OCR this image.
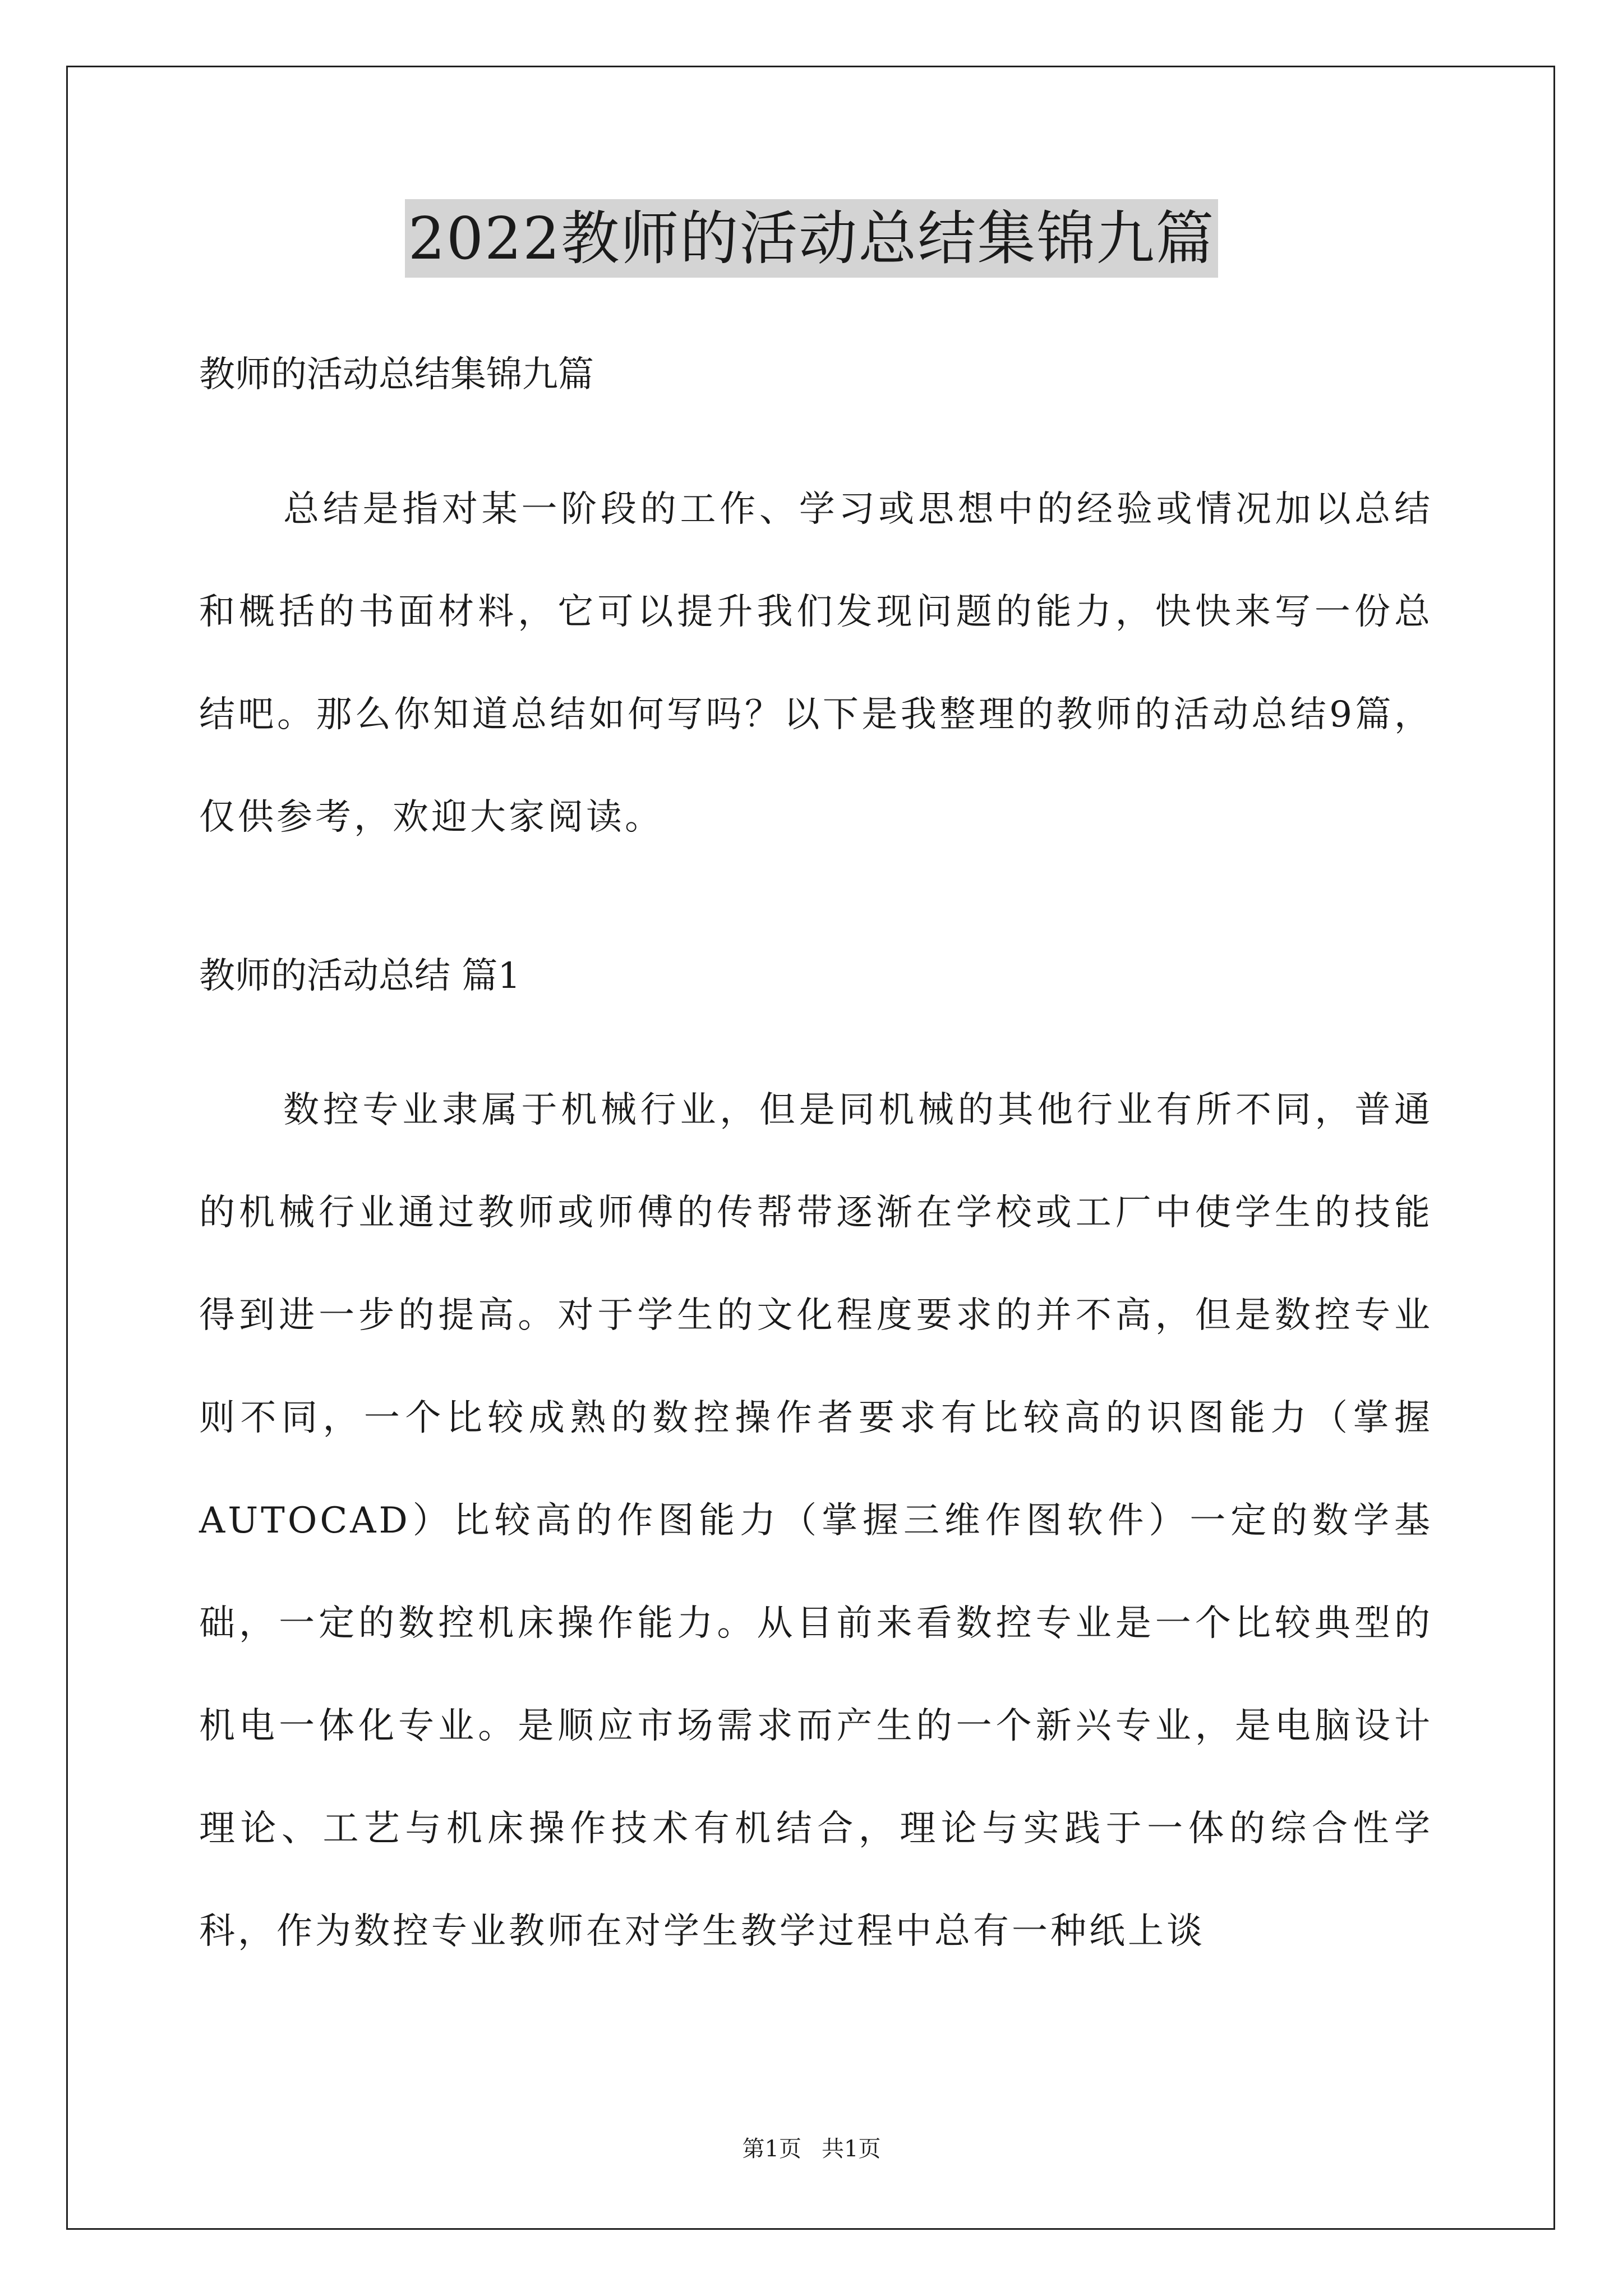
2022教师的活动总结集锦九篇
教师的活动总结集锦九篇

总结是指对某一阶段的工作、学习或思想中的经验或情况加以总结和概括的书面材料，它可以提升我们发现问题的能力，快快来写一份总结吧。那么你知道总结如何写吗？以下是我整理的教师的活动总结9篇，仅供参考，欢迎大家阅读。

教师的活动总结 篇1

数控专业隶属于机械行业，但是同机械的其他行业有所不同，普通的机械行业通过教师或师傅的传帮带逐渐在学校或工厂中使学生的技能得到进一步的提高。对于学生的文化程度要求的并不高，但是数控专业则不同，一个比较成熟的数控操作者要求有比较高的识图能力（掌握AUTOCAD）比较高的作图能力（掌握三维作图软件）一定的数学基础，一定的数控机床操作能力。从目前来看数控专业是一个比较典型的机电一体化专业。是顺应市场需求而产生的一个新兴专业，是电脑设计理论、工艺与机床操作技术有机结合，理论与实践于一体的综合性学科，作为数控专业教师在对学生教学过程中总有一种纸上谈

第1页 共1页
